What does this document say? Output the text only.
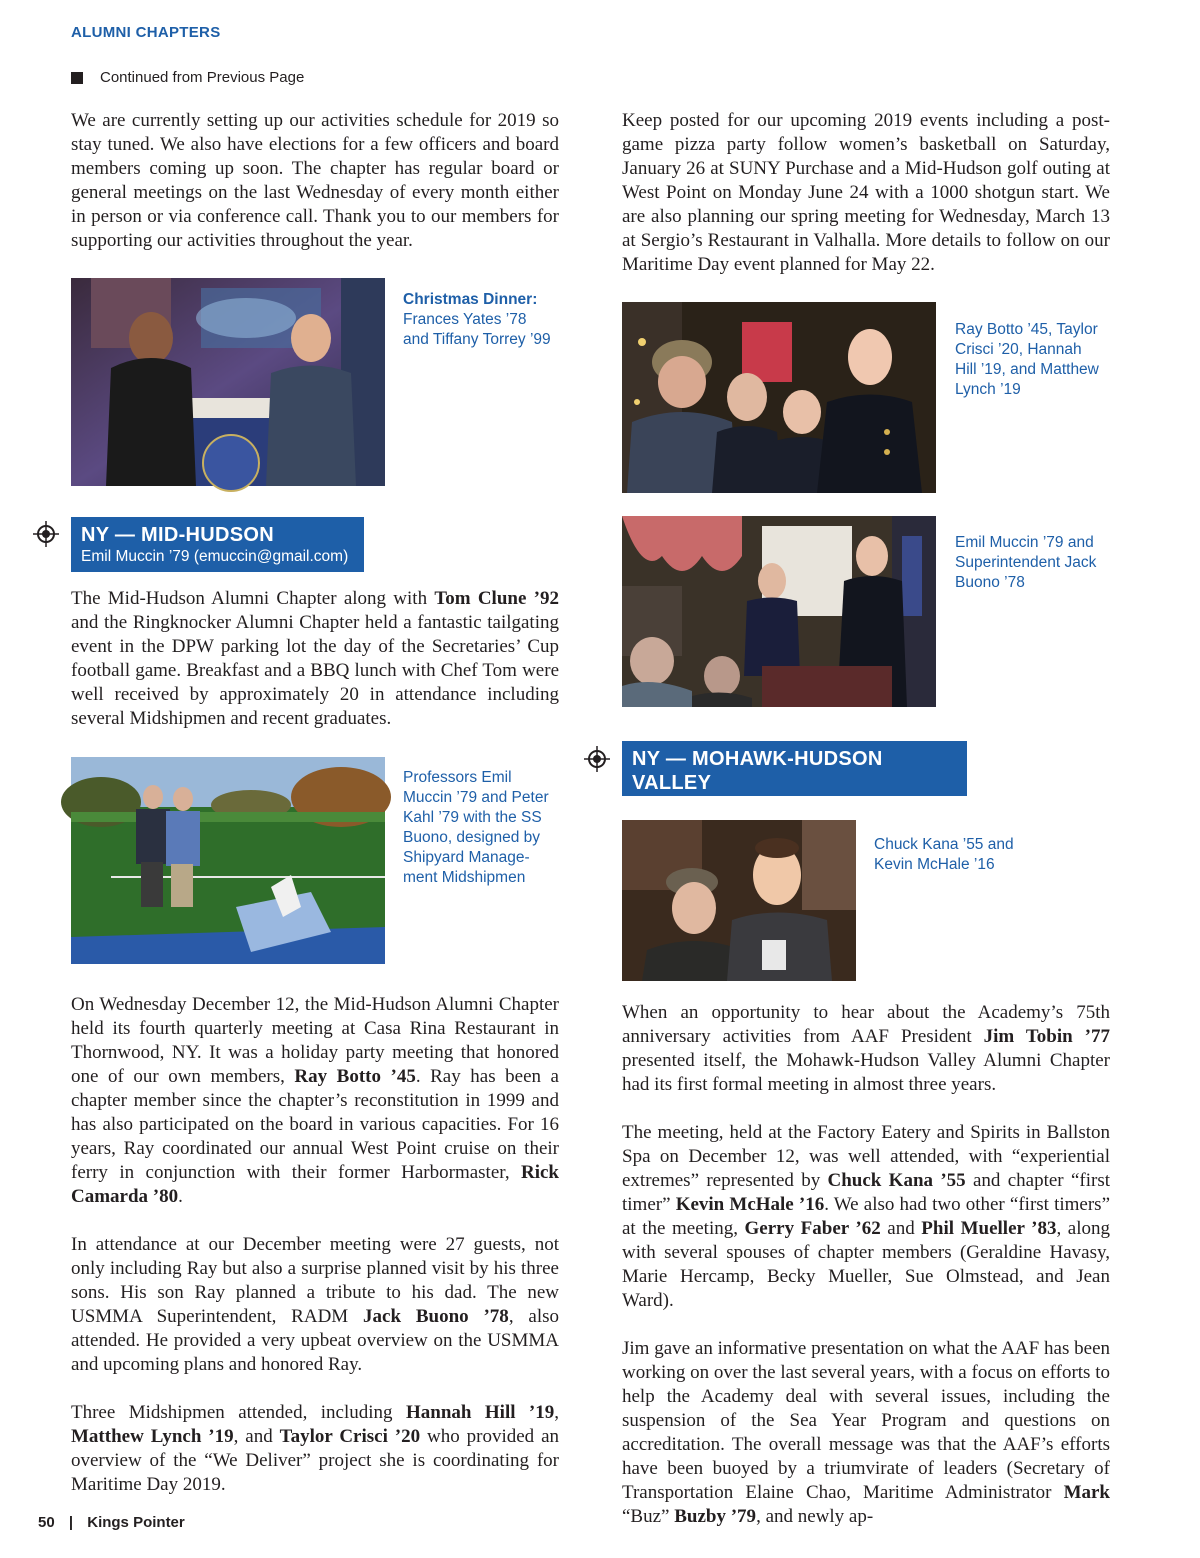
ALUMNI CHAPTERS
Continued from Previous Page
We are currently setting up our activities schedule for 2019 so stay tuned. We also have elections for a few officers and board members coming up soon. The chapter has regular board or general meetings on the last Wednesday of every month either in person or via conference call. Thank you to our members for supporting our activities throughout the year.
Keep posted for our upcoming 2019 events including a post-game pizza party follow women’s basketball on Saturday, January 26 at SUNY Purchase and a Mid-Hudson golf outing at West Point on Monday June 24 with a 1000 shotgun start. We are also planning our spring meeting for Wednesday, March 13 at Sergio’s Restaurant in Valhalla. More details to follow on our Maritime Day event planned for May 22.
Christmas Dinner:
Frances Yates ’78
and Tiffany Torrey ’99
Ray Botto ’45, Taylor
Crisci ’20, Hannah
Hill ’19, and Matthew
Lynch ’19
NY — MID-HUDSON
Emil Muccin ’79 (emuccin@gmail.com)
The Mid-Hudson Alumni Chapter along with Tom Clune ’92 and the Ringknocker Alumni Chapter held a fantastic tailgating event in the DPW parking lot the day of the Secretaries’ Cup football game. Breakfast and a BBQ lunch with Chef Tom were well received by approximately 20 in attendance including several Midshipmen and recent graduates.
Emil Muccin ’79 and
Superintendent Jack
Buono ’78
NY — MOHAWK-HUDSON VALLEY
Paul Sturm ’86 (psturm@nycap.rr.com)
Professors Emil
Muccin ’79 and Peter
Kahl ’79 with the SS
Buono, designed by
Shipyard Manage-
ment Midshipmen
Chuck Kana ’55 and
Kevin McHale ’16

On Wednesday December 12, the Mid-Hudson Alumni Chapter held its fourth quarterly meeting at Casa Rina Restaurant in Thornwood, NY. It was a holiday party meeting that honored one of our own members, Ray Botto ’45. Ray has been a chapter member since the chapter’s reconstitution in 1999 and has also participated on the board in various capacities. For 16 years, Ray coordinated our annual West Point cruise on their ferry in conjunction with their former Harbormaster, Rick Camarda ’80.

In attendance at our December meeting were 27 guests, not only including Ray but also a surprise planned visit by his three sons. His son Ray planned a tribute to his dad. The new USMMA Superintendent, RADM Jack Buono ’78, also attended. He provided a very upbeat overview on the USMMA and upcoming plans and honored Ray.

Three Midshipmen attended, including Hannah Hill ’19, Matthew Lynch ’19, and Taylor Crisci ’20 who provided an overview of the “We Deliver” project she is coordinating for Maritime Day 2019.

When an opportunity to hear about the Academy’s 75th anniversary activities from AAF President Jim Tobin ’77 presented itself, the Mohawk-Hudson Valley Alumni Chapter had its first formal meeting in almost three years.

The meeting, held at the Factory Eatery and Spirits in Ballston Spa on December 12, was well attended, with “experiential extremes” represented by Chuck Kana ’55 and chapter “first timer” Kevin McHale ’16. We also had two other “first timers” at the meeting, Gerry Faber ’62 and Phil Mueller ’83, along with several spouses of chapter members (Geraldine Havasy, Marie Hercamp, Becky Mueller, Sue Olmstead, and Jean Ward).

Jim gave an informative presentation on what the AAF has been working on over the last several years, with a focus on efforts to help the Academy deal with several issues, including the suspension of the Sea Year Program and questions on accreditation. The overall message was that the AAF’s efforts have been buoyed by a triumvirate of leaders (Secretary of Transportation Elaine Chao, Maritime Administrator Mark “Buz” Buzby ’79, and newly ap-

50 | Kings Pointer
